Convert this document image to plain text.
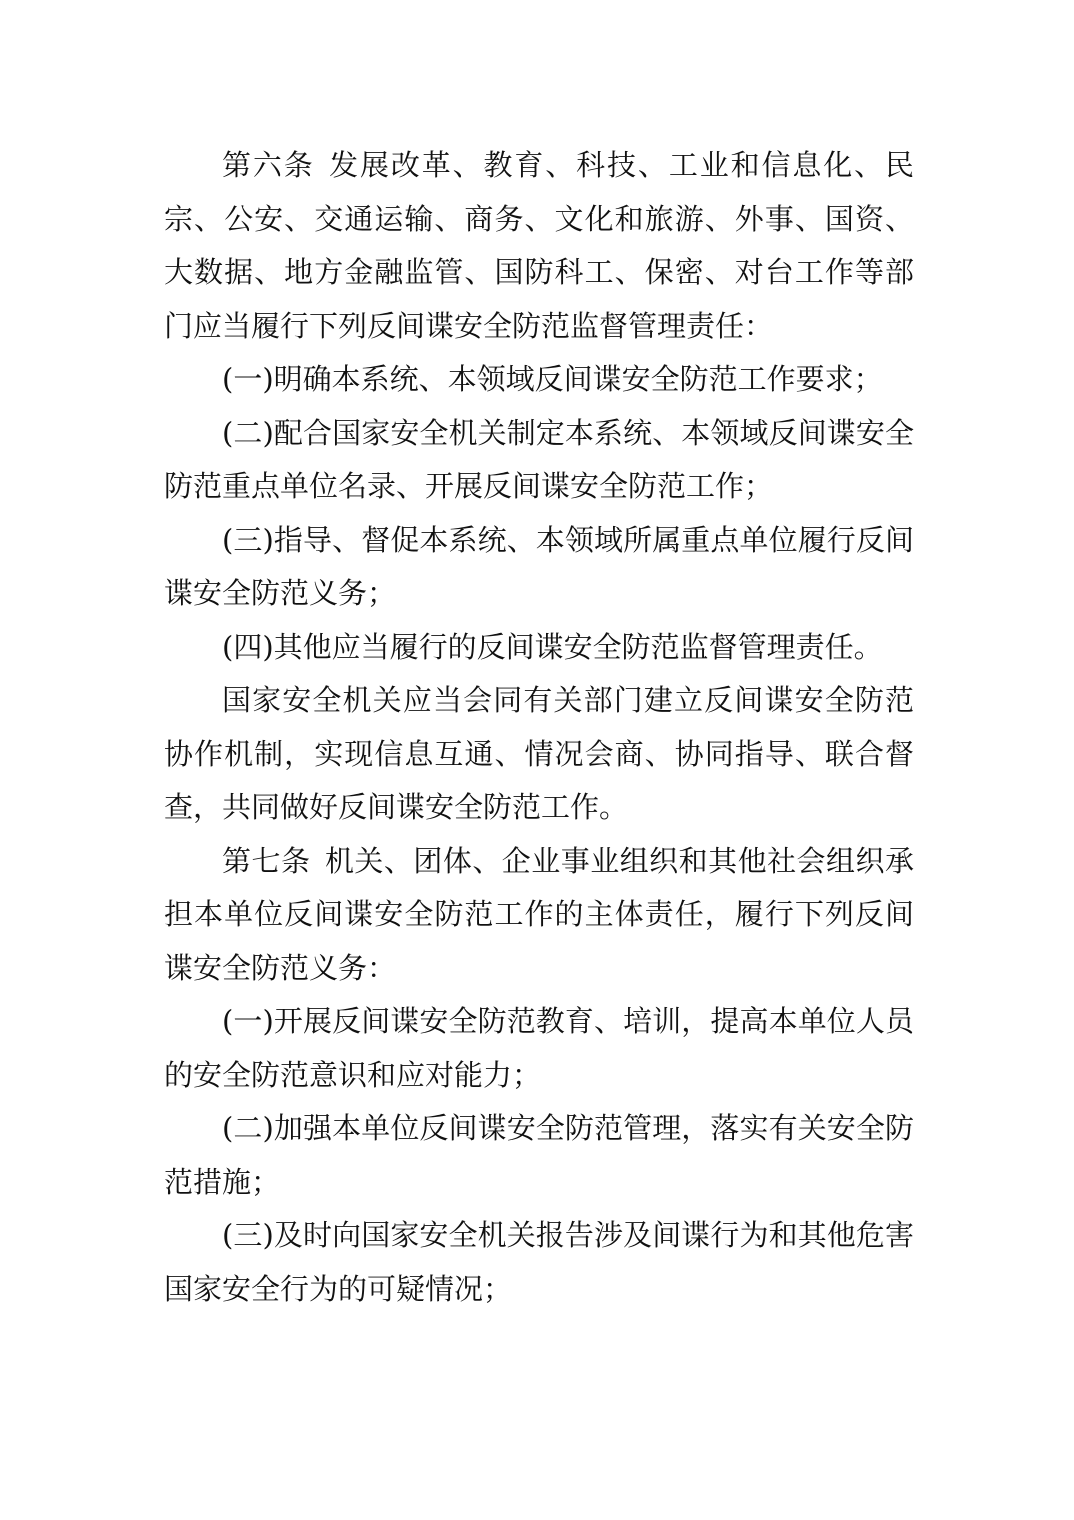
第六条 发展改革、教育、科技、工业和信息化、民宗、公安、交通运输、商务、文化和旅游、外事、国资、大数据、地方金融监管、国防科工、保密、对台工作等部门应当履行下列反间谍安全防范监督管理责任：

(一)明确本系统、本领域反间谍安全防范工作要求；

(二)配合国家安全机关制定本系统、本领域反间谍安全防范重点单位名录、开展反间谍安全防范工作；

(三)指导、督促本系统、本领域所属重点单位履行反间谍安全防范义务；

(四)其他应当履行的反间谍安全防范监督管理责任。

国家安全机关应当会同有关部门建立反间谍安全防范协作机制，实现信息互通、情况会商、协同指导、联合督查，共同做好反间谍安全防范工作。

第七条 机关、团体、企业事业组织和其他社会组织承担本单位反间谍安全防范工作的主体责任，履行下列反间谍安全防范义务：

(一)开展反间谍安全防范教育、培训，提高本单位人员的安全防范意识和应对能力；

(二)加强本单位反间谍安全防范管理，落实有关安全防范措施；

(三)及时向国家安全机关报告涉及间谍行为和其他危害国家安全行为的可疑情况；
